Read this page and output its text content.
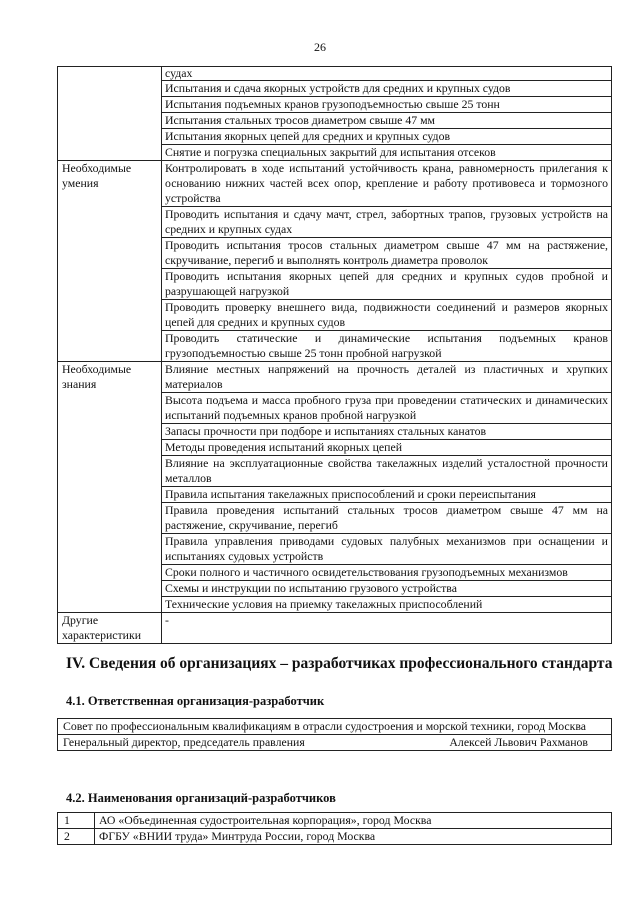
26
	судах
	Испытания и сдача якорных устройств для средних и крупных судов
	Испытания подъемных кранов грузоподъемностью свыше 25 тонн
	Испытания стальных тросов диаметром свыше 47 мм
	Испытания якорных цепей для средних и крупных судов
	Снятие и погрузка специальных закрытий для испытания отсеков
Необходимые умения	Контролировать в ходе испытаний устойчивость крана, равномерность прилегания к основанию нижних частей всех опор, крепление и работу противовеса и тормозного устройства
	Проводить испытания и сдачу мачт, стрел, забортных трапов, грузовых устройств на средних и крупных судах
	Проводить испытания тросов стальных диаметром свыше 47 мм на растяжение, скручивание, перегиб и выполнять контроль диаметра проволок
	Проводить испытания якорных цепей для средних и крупных судов пробной и разрушающей нагрузкой
	Проводить проверку внешнего вида, подвижности соединений и размеров якорных цепей для средних и крупных судов
	Проводить статические и динамические испытания подъемных кранов грузоподъемностью свыше 25 тонн пробной нагрузкой
Необходимые знания	Влияние местных напряжений на прочность деталей из пластичных и хрупких материалов
	Высота подъема и масса пробного груза при проведении статических и динамических испытаний подъемных кранов пробной нагрузкой
	Запасы прочности при подборе и испытаниях стальных канатов
	Методы проведения испытаний якорных цепей
	Влияние на эксплуатационные свойства такелажных изделий усталостной прочности металлов
	Правила испытания такелажных приспособлений и сроки переиспытания
	Правила проведения испытаний стальных тросов диаметром свыше 47 мм на растяжение, скручивание, перегиб
	Правила управления приводами судовых палубных механизмов при оснащении и испытаниях судовых устройств
	Сроки полного и частичного освидетельствования грузоподъемных механизмов
	Схемы и инструкции по испытанию грузового устройства
	Технические условия на приемку такелажных приспособлений
Другие характеристики	-
IV. Сведения об организациях – разработчиках профессионального стандарта
4.1. Ответственная организация-разработчик
Совет по профессиональным квалификациям в отрасли судостроения и морской техники, город Москва

Генеральный директор, председатель правления	Алексей Львович Рахманов
4.2. Наименования организаций-разработчиков
1	АО «Объединенная судостроительная корпорация», город Москва
2	ФГБУ «ВНИИ труда» Минтруда России, город Москва
